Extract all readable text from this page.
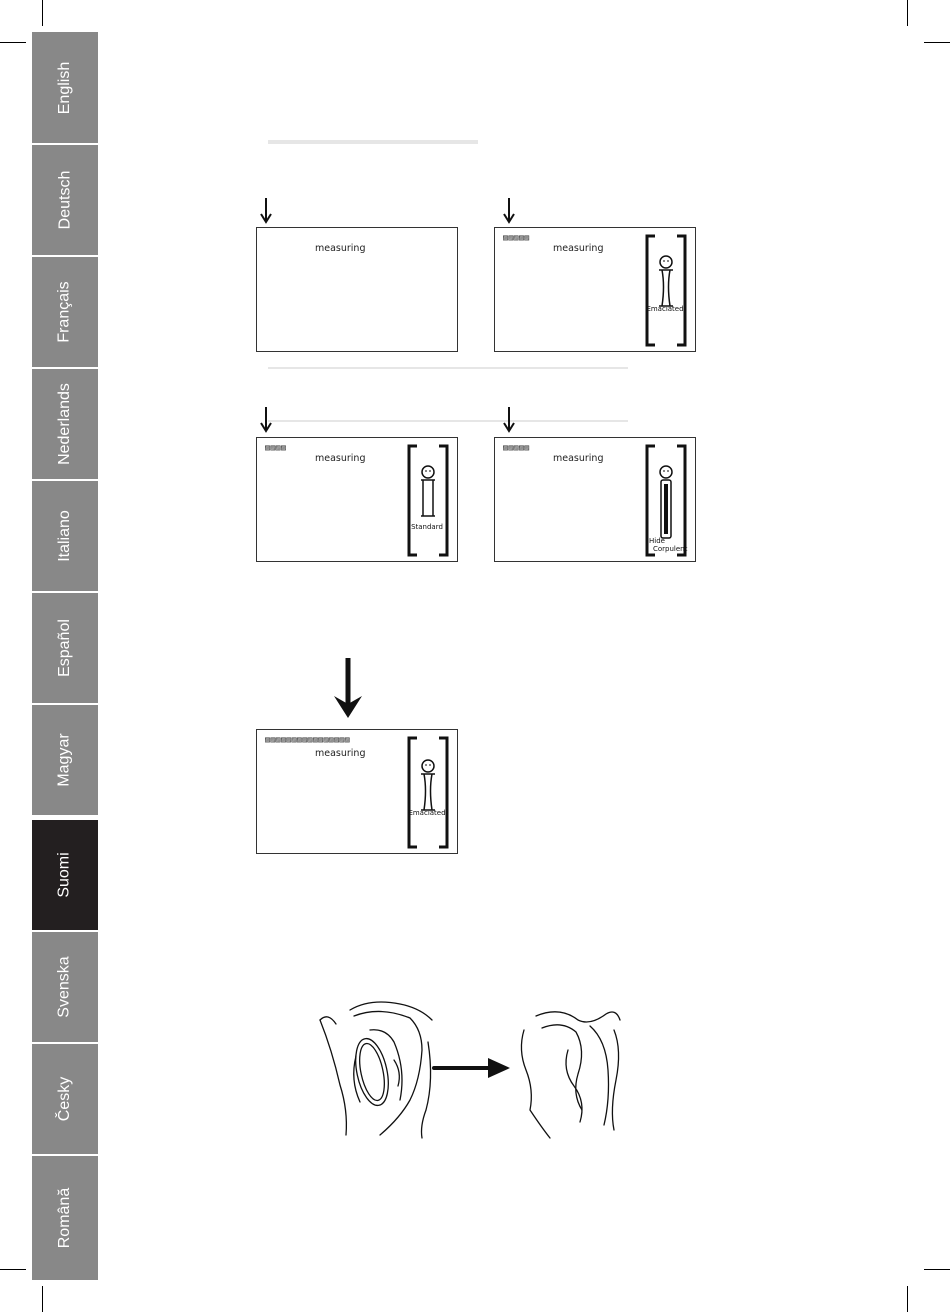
English
Deutsch
Français
Nederlands
Italiano
Español
Magyar
Suomi
Svenska
Česky
Română
measuring
▨▨▨▨▨
measuring
Emaciated
▨▨▨▨
measuring
Standard
▨▨▨▨▨
measuring
Hide
Corpulent
▨▨▨▨▨▨▨▨▨▨▨▨▨▨▨▨
measuring
Emaciated
